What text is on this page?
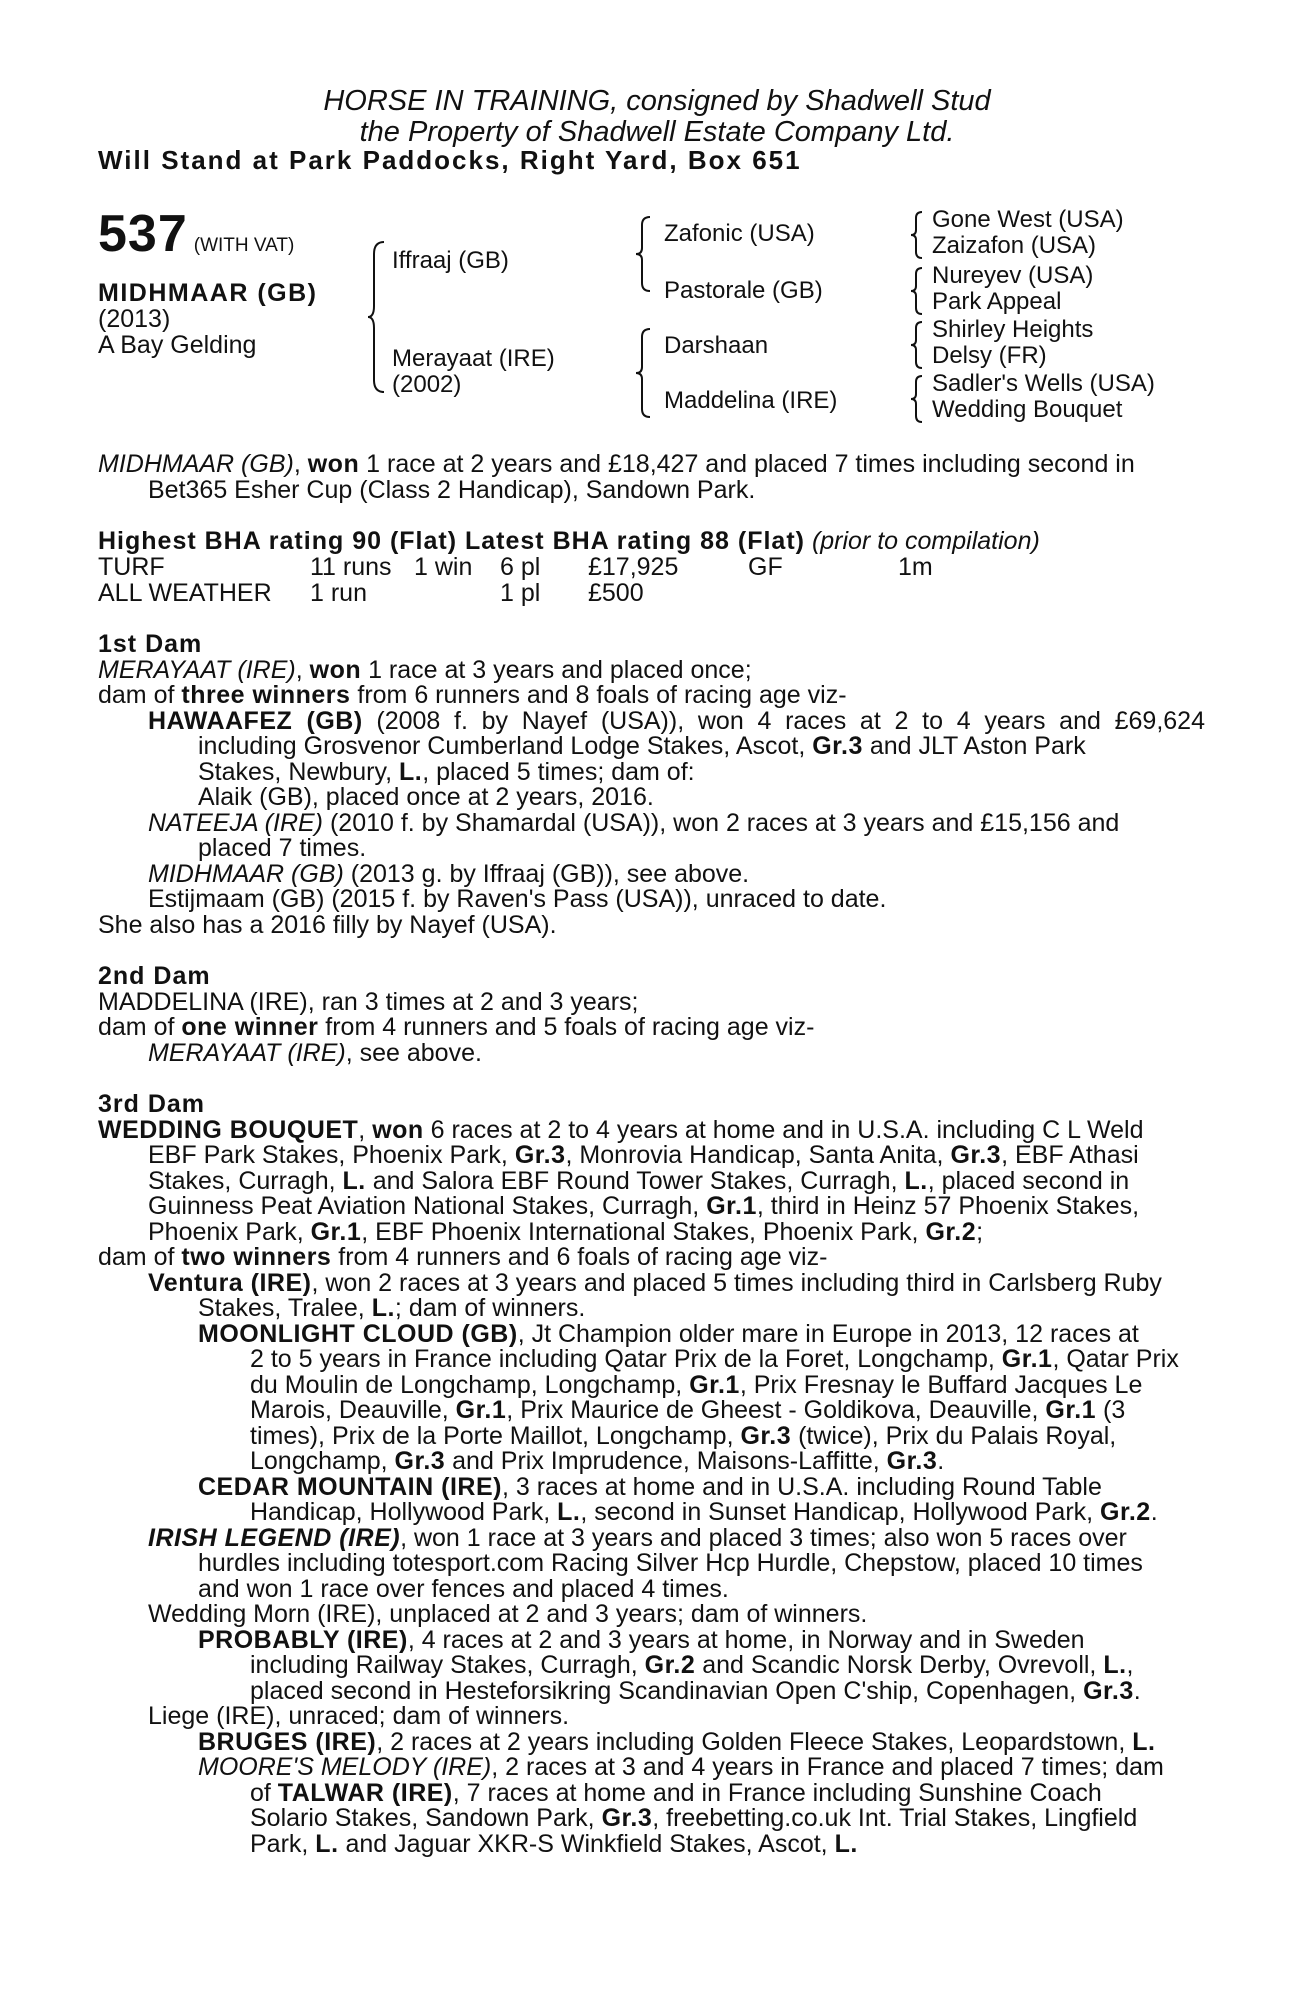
HORSE IN TRAINING, consigned by Shadwell Stud
the Property of Shadwell Estate Company Ltd.
Will Stand at Park Paddocks, Right Yard, Box 651
537 (WITH VAT)
MIDHMAAR (GB)
(2013)
A Bay Gelding
Iffraaj (GB)
Merayaat (IRE)
(2002)
Zafonic (USA)
Pastorale (GB)
Darshaan
Maddelina (IRE)
Gone West (USA)
Zaizafon (USA)
Nureyev (USA)
Park Appeal
Shirley Heights
Delsy (FR)
Sadler's Wells (USA)
Wedding Bouquet
MIDHMAAR (GB), won 1 race at 2 years and £18,427 and placed 7 times including second in
Bet365 Esher Cup (Class 2 Handicap), Sandown Park.
Highest BHA rating 90 (Flat) Latest BHA rating 88 (Flat) (prior to compilation)
TURF	11 runs 1 win 6 pl £17,925	GF	1m
ALL WEATHER 1 run	1 pl £500
1st Dam
MERAYAAT (IRE), won 1 race at 3 years and placed once;
dam of three winners from 6 runners and 8 foals of racing age viz-
HAWAAFEZ (GB) (2008 f. by Nayef (USA)), won 4 races at 2 to 4 years and £69,624
including Grosvenor Cumberland Lodge Stakes, Ascot, Gr.3 and JLT Aston Park
Stakes, Newbury, L., placed 5 times; dam of:
Alaik (GB), placed once at 2 years, 2016.
NATEEJA (IRE) (2010 f. by Shamardal (USA)), won 2 races at 3 years and £15,156 and
placed 7 times.
MIDHMAAR (GB) (2013 g. by Iffraaj (GB)), see above.
Estijmaam (GB) (2015 f. by Raven's Pass (USA)), unraced to date.
She also has a 2016 filly by Nayef (USA).
2nd Dam
MADDELINA (IRE), ran 3 times at 2 and 3 years;
dam of one winner from 4 runners and 5 foals of racing age viz-
MERAYAAT (IRE), see above.
3rd Dam
WEDDING BOUQUET, won 6 races at 2 to 4 years at home and in U.S.A. including C L Weld
EBF Park Stakes, Phoenix Park, Gr.3, Monrovia Handicap, Santa Anita, Gr.3, EBF Athasi
Stakes, Curragh, L. and Salora EBF Round Tower Stakes, Curragh, L., placed second in
Guinness Peat Aviation National Stakes, Curragh, Gr.1, third in Heinz 57 Phoenix Stakes,
Phoenix Park, Gr.1, EBF Phoenix International Stakes, Phoenix Park, Gr.2;
dam of two winners from 4 runners and 6 foals of racing age viz-
Ventura (IRE), won 2 races at 3 years and placed 5 times including third in Carlsberg Ruby
Stakes, Tralee, L.; dam of winners.
MOONLIGHT CLOUD (GB), Jt Champion older mare in Europe in 2013, 12 races at
2 to 5 years in France including Qatar Prix de la Foret, Longchamp, Gr.1, Qatar Prix
du Moulin de Longchamp, Longchamp, Gr.1, Prix Fresnay le Buffard Jacques Le
Marois, Deauville, Gr.1, Prix Maurice de Gheest - Goldikova, Deauville, Gr.1 (3
times), Prix de la Porte Maillot, Longchamp, Gr.3 (twice), Prix du Palais Royal,
Longchamp, Gr.3 and Prix Imprudence, Maisons-Laffitte, Gr.3.
CEDAR MOUNTAIN (IRE), 3 races at home and in U.S.A. including Round Table
Handicap, Hollywood Park, L., second in Sunset Handicap, Hollywood Park, Gr.2.
IRISH LEGEND (IRE), won 1 race at 3 years and placed 3 times; also won 5 races over
hurdles including totesport.com Racing Silver Hcp Hurdle, Chepstow, placed 10 times
and won 1 race over fences and placed 4 times.
Wedding Morn (IRE), unplaced at 2 and 3 years; dam of winners.
PROBABLY (IRE), 4 races at 2 and 3 years at home, in Norway and in Sweden
including Railway Stakes, Curragh, Gr.2 and Scandic Norsk Derby, Ovrevoll, L.,
placed second in Hesteforsikring Scandinavian Open C'ship, Copenhagen, Gr.3.
Liege (IRE), unraced; dam of winners.
BRUGES (IRE), 2 races at 2 years including Golden Fleece Stakes, Leopardstown, L.
MOORE'S MELODY (IRE), 2 races at 3 and 4 years in France and placed 7 times; dam
of TALWAR (IRE), 7 races at home and in France including Sunshine Coach
Solario Stakes, Sandown Park, Gr.3, freebetting.co.uk Int. Trial Stakes, Lingfield
Park, L. and Jaguar XKR-S Winkfield Stakes, Ascot, L.
